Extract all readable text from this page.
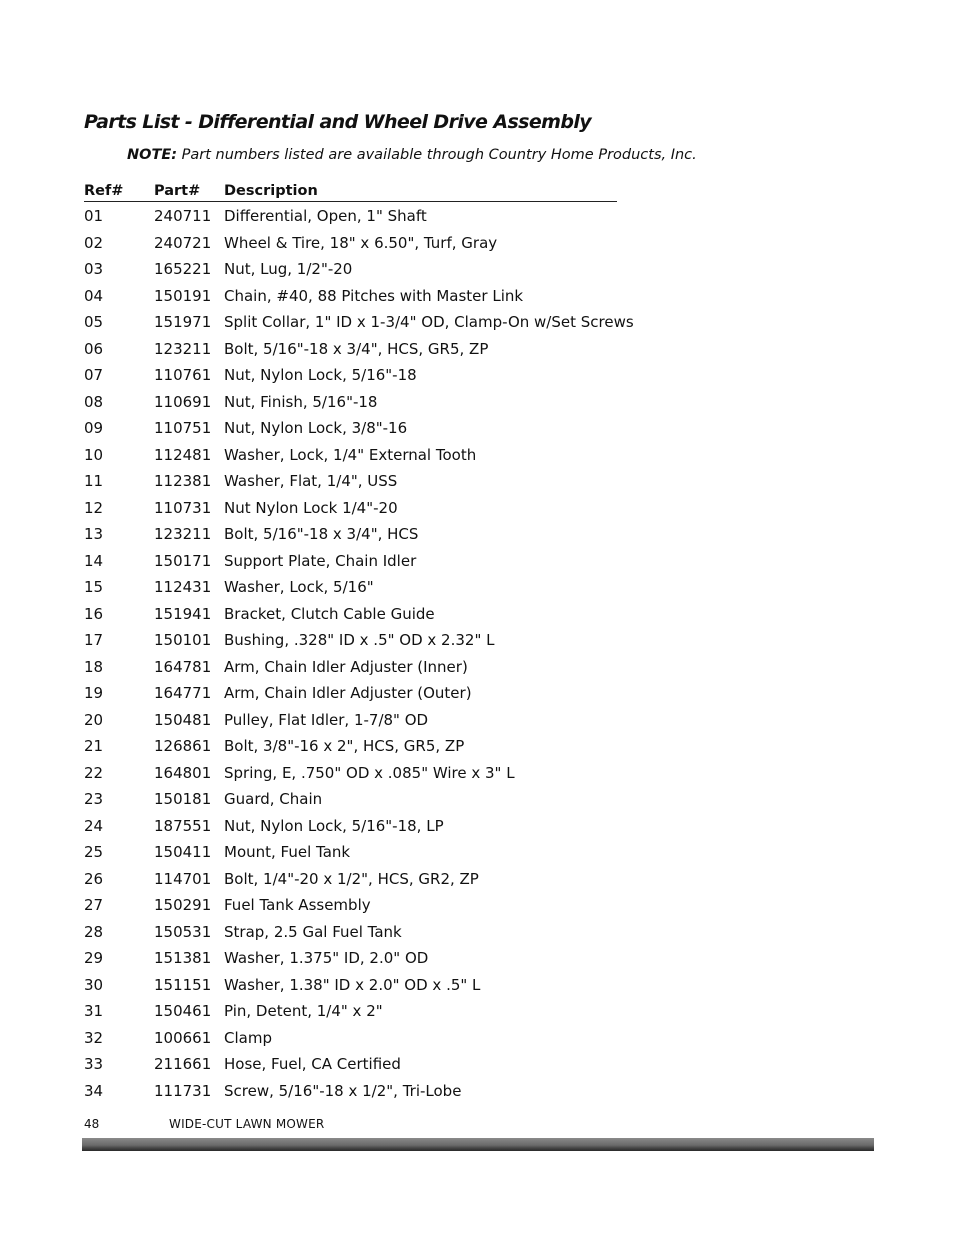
Parts List - Differential and Wheel Drive Assembly
NOTE: Part numbers listed are available through Country Home Products, Inc.
Ref# Part# Description
01	240711 Differential, Open, 1" Shaft
02	240721 Wheel & Tire, 18" x 6.50", Turf, Gray
03	165221 Nut, Lug, 1/2"-20
04	150191 Chain, #40, 88 Pitches with Master Link
05	151971 Split Collar, 1" ID x 1-3/4" OD, Clamp-On w/Set Screws
06	123211 Bolt, 5/16"-18 x 3/4", HCS, GR5, ZP
07	110761 Nut, Nylon Lock, 5/16"-18
08	110691 Nut, Finish, 5/16"-18
09	110751 Nut, Nylon Lock, 3/8"-16
10	112481 Washer, Lock, 1/4" External Tooth
11	112381 Washer, Flat, 1/4", USS
12	110731 Nut Nylon Lock 1/4"-20
13	123211 Bolt, 5/16"-18 x 3/4", HCS
14	150171 Support Plate, Chain Idler
15	112431 Washer, Lock, 5/16"
16	151941 Bracket, Clutch Cable Guide
17	150101 Bushing, .328" ID x .5" OD x 2.32" L
18	164781 Arm, Chain Idler Adjuster (Inner)
19	164771 Arm, Chain Idler Adjuster (Outer)
20	150481 Pulley, Flat Idler, 1-7/8" OD
21	126861 Bolt, 3/8"-16 x 2", HCS, GR5, ZP
22	164801 Spring, E, .750" OD x .085" Wire x 3" L
23	150181 Guard, Chain
24	187551 Nut, Nylon Lock, 5/16"-18, LP
25	150411 Mount, Fuel Tank
26	114701 Bolt, 1/4"-20 x 1/2", HCS, GR2, ZP
27	150291 Fuel Tank Assembly
28	150531 Strap, 2.5 Gal Fuel Tank
29	151381 Washer, 1.375" ID, 2.0" OD
30	151151 Washer, 1.38" ID x 2.0" OD x .5" L
31	150461 Pin, Detent, 1/4" x 2"
32	100661 Clamp
33	211661 Hose, Fuel, CA Certified
34	111731 Screw, 5/16"-18 x 1/2", Tri-Lobe
48	WIDE-CUT LAWN MOWER
